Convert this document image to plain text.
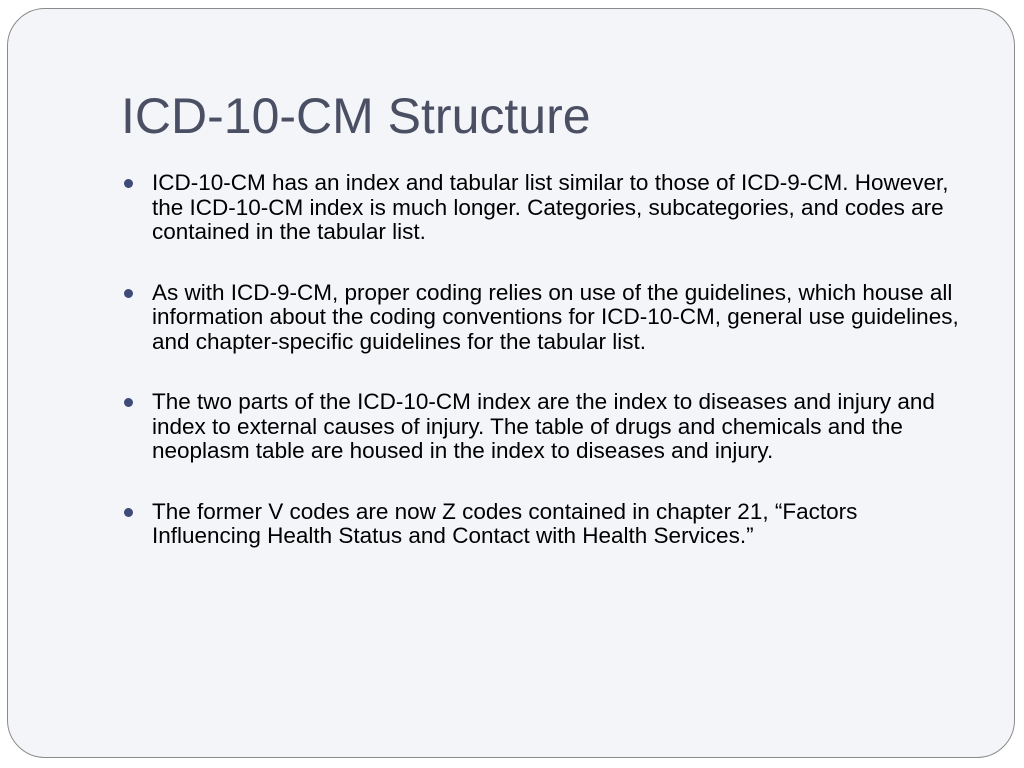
ICD-10-CM Structure
ICD-10-CM has an index and tabular list similar to those of ICD-9-CM. However, the ICD-10-CM index is much longer. Categories, subcategories, and codes are contained in the tabular list.
As with ICD-9-CM, proper coding relies on use of the guidelines, which house all information about the coding conventions for ICD-10-CM, general use guidelines, and chapter-specific guidelines for the tabular list.
The two parts of the ICD-10-CM index are the index to diseases and injury and index to external causes of injury. The table of drugs and chemicals and the neoplasm table are housed in the index to diseases and injury.
The former V codes are now Z codes contained in chapter 21, “Factors Influencing Health Status and Contact with Health Services.”
